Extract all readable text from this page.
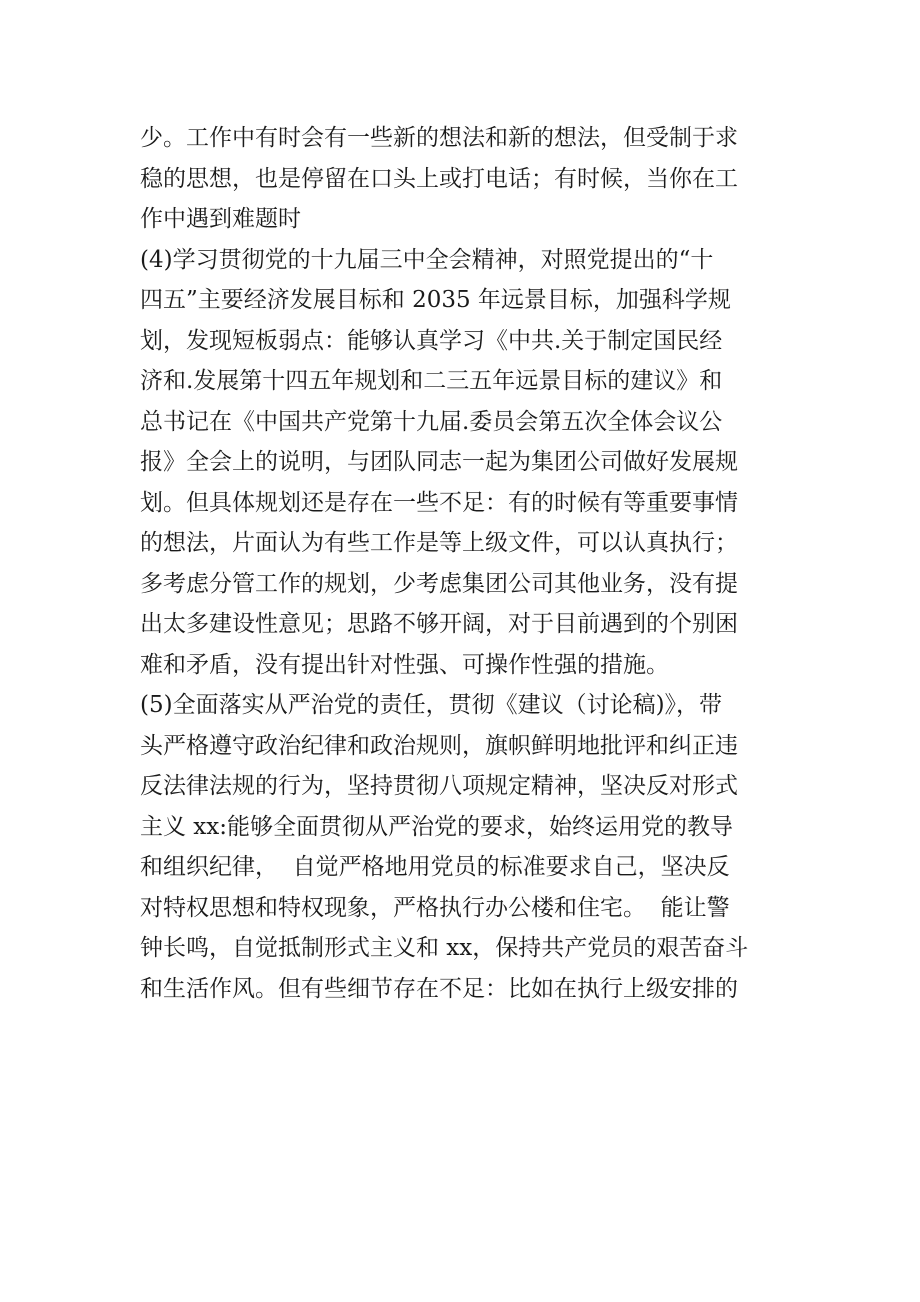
少。工作中有时会有一些新的想法和新的想法，但受制于求
稳的思想，也是停留在口头上或打电话；有时候，当你在工
作中遇到难题时
(4)学习贯彻党的十九届三中全会精神，对照党提出的“十
四五”主要经济发展目标和 2035 年远景目标，加强科学规
划，发现短板弱点：能够认真学习《中共.关于制定国民经
济和.发展第十四五年规划和二三五年远景目标的建议》和
总书记在《中国共产党第十九届.委员会第五次全体会议公
报》全会上的说明，与团队同志一起为集团公司做好发展规
划。但具体规划还是存在一些不足：有的时候有等重要事情
的想法，片面认为有些工作是等上级文件，可以认真执行；
多考虑分管工作的规划，少考虑集团公司其他业务，没有提
出太多建设性意见；思路不够开阔，对于目前遇到的个别困
难和矛盾，没有提出针对性强、可操作性强的措施。
(5)全面落实从严治党的责任，贯彻《建议（讨论稿)》，带
头严格遵守政治纪律和政治规则，旗帜鲜明地批评和纠正违
反法律法规的行为，坚持贯彻八项规定精神，坚决反对形式
主义 xx:能够全面贯彻从严治党的要求，始终运用党的教导
和组织纪律，  自觉严格地用党员的标准要求自己，坚决反
对特权思想和特权现象，严格执行办公楼和住宅。  能让警
钟长鸣，自觉抵制形式主义和 xx，保持共产党员的艰苦奋斗
和生活作风。但有些细节存在不足：比如在执行上级安排的
